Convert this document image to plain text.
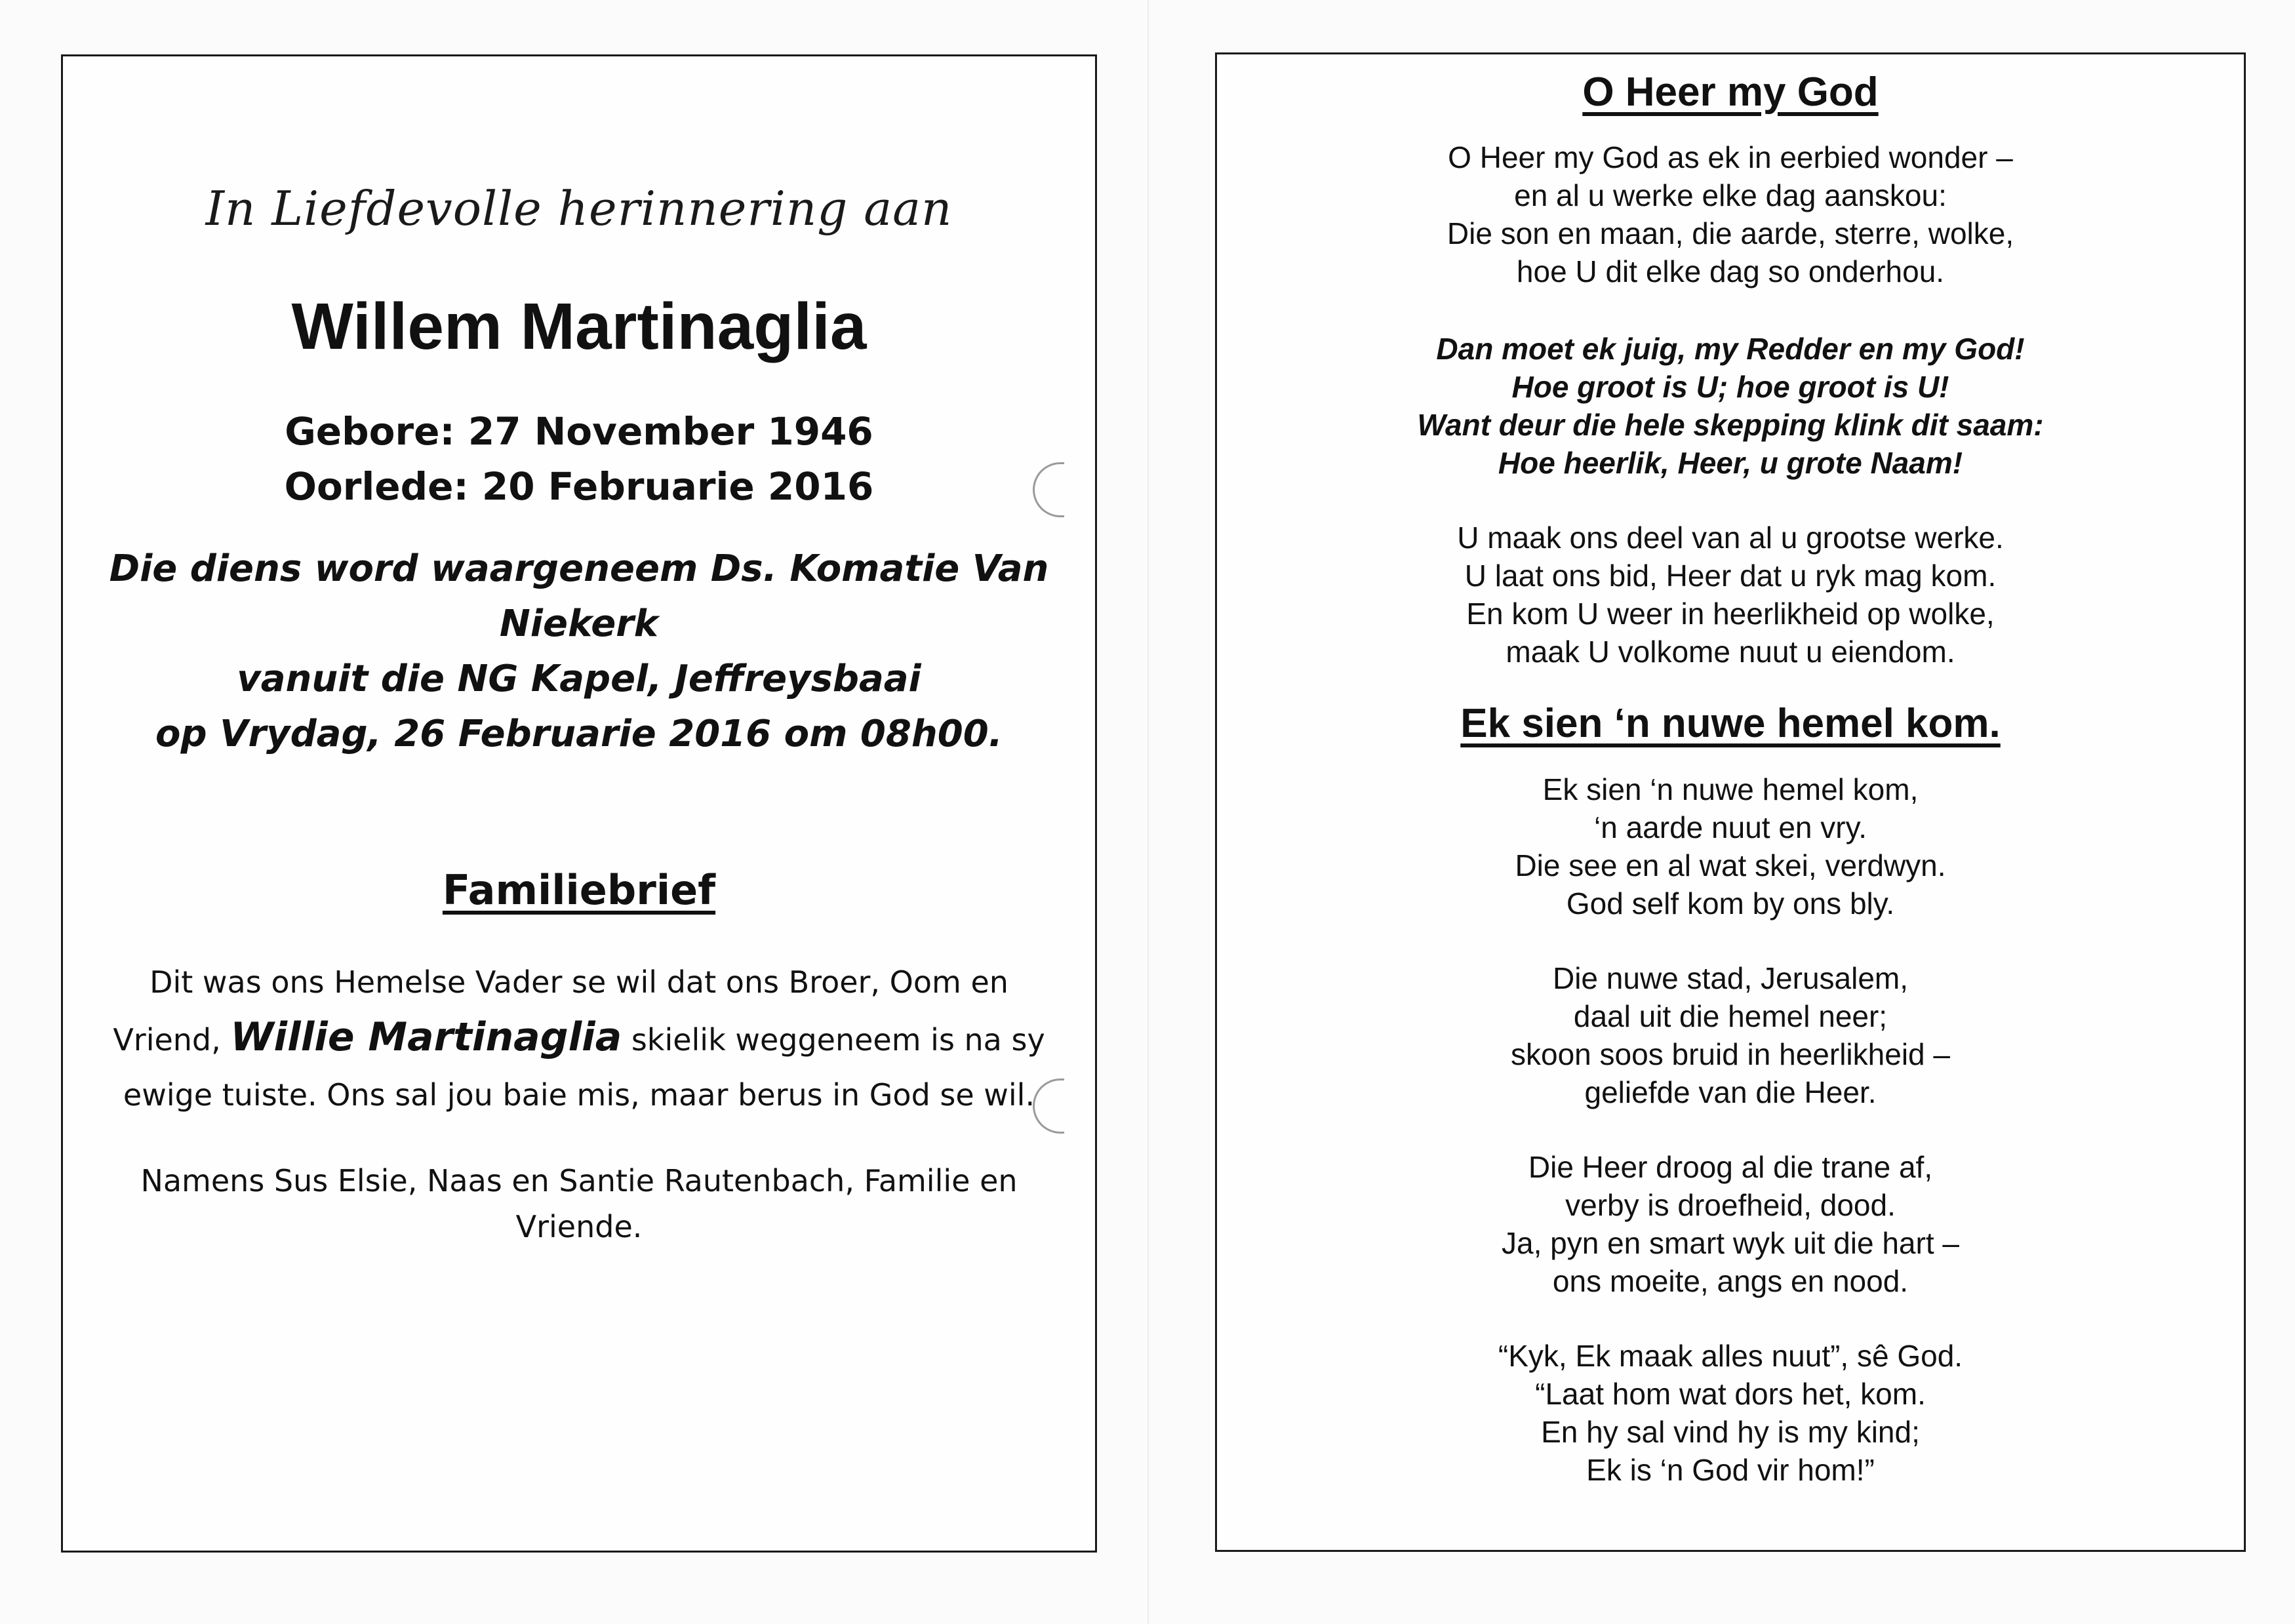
In Liefdevolle herinnering aan
Willem Martinaglia
Gebore: 27 November 1946
Oorlede: 20 Februarie 2016
Die diens word waargeneem Ds. Komatie Van Niekerk
vanuit die NG Kapel, Jeffreysbaai
op Vrydag, 26 Februarie 2016 om 08h00.
Familiebrief
Dit was ons Hemelse Vader se wil dat ons Broer, Oom en Vriend, Willie Martinaglia skielik weggeneem is na sy ewige tuiste. Ons sal jou baie mis, maar berus in God se wil.
Namens Sus Elsie, Naas en Santie Rautenbach, Familie en Vriende.
O Heer my God
O Heer my God as ek in eerbied wonder –
en al u werke elke dag aanskou:
Die son en maan, die aarde, sterre, wolke,
hoe U dit elke dag so onderhou.
Dan moet ek juig, my Redder en my God!
Hoe groot is U; hoe groot is U!
Want deur die hele skepping klink dit saam:
Hoe heerlik, Heer, u grote Naam!
U maak ons deel van al u grootse werke.
U laat ons bid, Heer dat u ryk mag kom.
En kom U weer in heerlikheid op wolke,
maak U volkome nuut u eiendom.
Ek sien ‘n nuwe hemel kom.
Ek sien ‘n nuwe hemel kom,
‘n aarde nuut en vry.
Die see en al wat skei, verdwyn.
God self kom by ons bly.
Die nuwe stad, Jerusalem,
daal uit die hemel neer;
skoon soos bruid in heerlikheid –
geliefde van die Heer.
Die Heer droog al die trane af,
verby is droefheid, dood.
Ja, pyn en smart wyk uit die hart –
ons moeite, angs en nood.
“Kyk, Ek maak alles nuut”, sê God.
“Laat hom wat dors het, kom.
En hy sal vind hy is my kind;
Ek is ‘n God vir hom!”
